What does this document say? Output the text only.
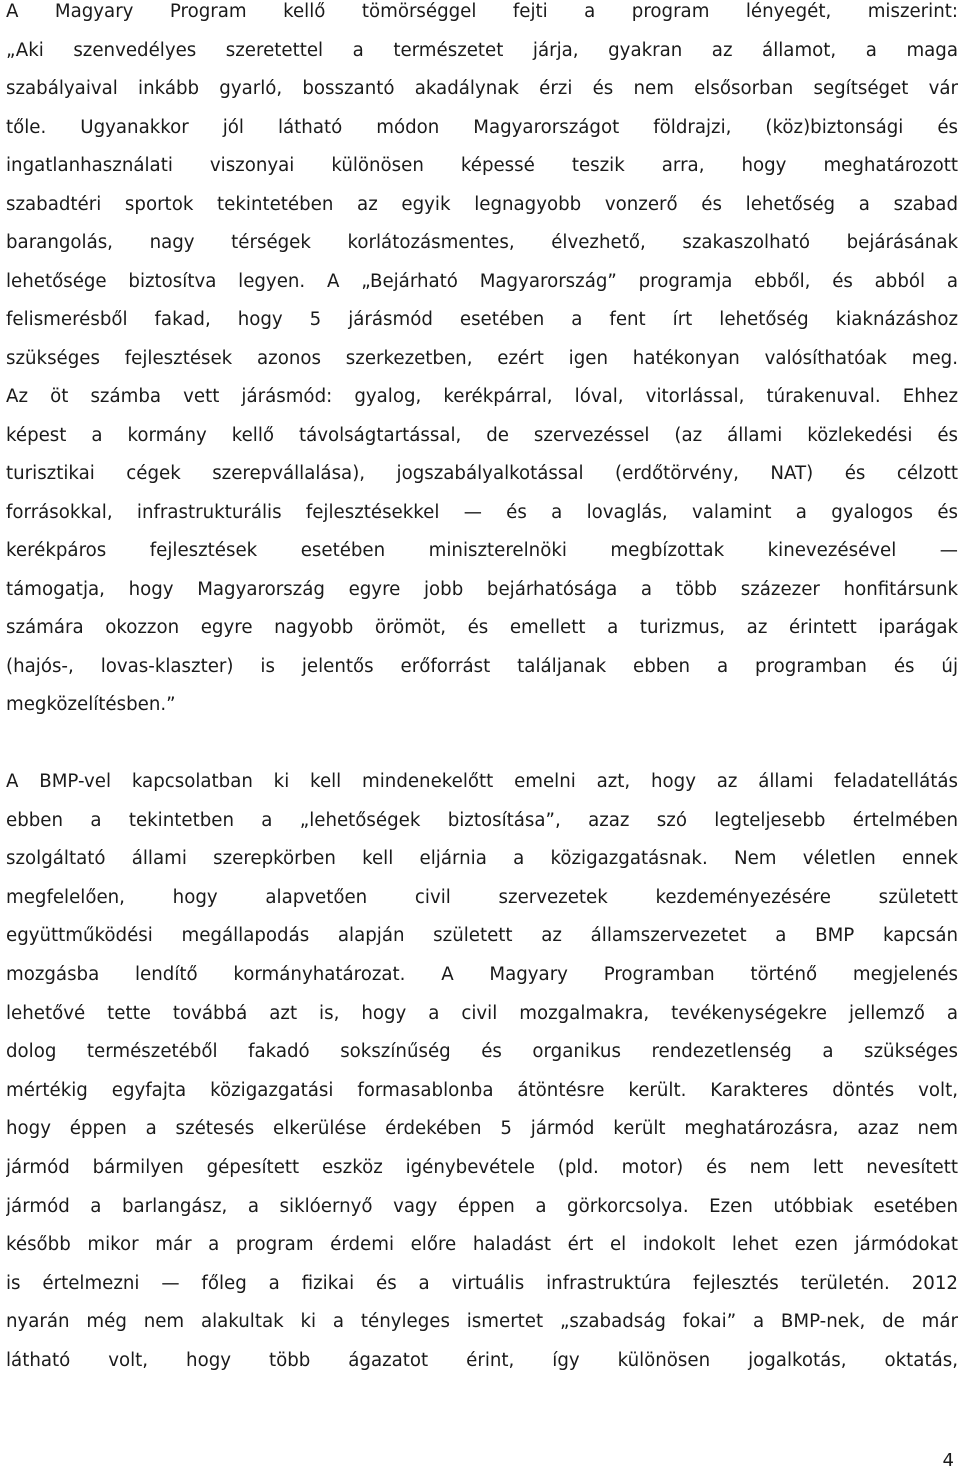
A Magyary Program kellő tömörséggel fejti a program lényegét, miszerint:
„Aki szenvedélyes szeretettel a természetet járja, gyakran az államot, a maga
szabályaival inkább gyarló, bosszantó akadálynak érzi és nem elsősorban segítséget vár
tőle. Ugyanakkor jól látható módon Magyarországot földrajzi, (köz)biztonsági és
ingatlanhasználati viszonyai különösen képessé teszik arra, hogy meghatározott
szabadtéri sportok tekintetében az egyik legnagyobb vonzerő és lehetőség a szabad
barangolás, nagy térségek korlátozásmentes, élvezhető, szakaszolható bejárásának
lehetősége biztosítva legyen. A „Bejárható Magyarország” programja ebből, és abból a
felismerésből fakad, hogy 5 járásmód esetében a fent írt lehetőség kiaknázáshoz
szükséges fejlesztések azonos szerkezetben, ezért igen hatékonyan valósíthatóak meg.
Az öt számba vett járásmód: gyalog, kerékpárral, lóval, vitorlással, túrakenuval. Ehhez
képest a kormány kellő távolságtartással, de szervezéssel (az állami közlekedési és
turisztikai cégek szerepvállalása), jogszabályalkotással (erdőtörvény, NAT) és célzott
forrásokkal, infrastrukturális fejlesztésekkel — és a lovaglás, valamint a gyalogos és
kerékpáros fejlesztések esetében miniszterelnöki megbízottak kinevezésével —
támogatja, hogy Magyarország egyre jobb bejárhatósága a több százezer honfitársunk
számára okozzon egyre nagyobb örömöt, és emellett a turizmus, az érintett iparágak
(hajós-, lovas-klaszter) is jelentős erőforrást találjanak ebben a programban és új
megközelítésben.”
A BMP-vel kapcsolatban ki kell mindenekelőtt emelni azt, hogy az állami feladatellátás
ebben a tekintetben a „lehetőségek biztosítása”, azaz szó legteljesebb értelmében
szolgáltató állami szerepkörben kell eljárnia a közigazgatásnak. Nem véletlen ennek
megfelelően, hogy alapvetően civil szervezetek kezdeményezésére született
együttműködési megállapodás alapján született az államszervezetet a BMP kapcsán
mozgásba lendítő kormányhatározat. A Magyary Programban történő megjelenés
lehetővé tette továbbá azt is, hogy a civil mozgalmakra, tevékenységekre jellemző a
dolog természetéből fakadó sokszínűség és organikus rendezetlenség a szükséges
mértékig egyfajta közigazgatási formasablonba átöntésre került. Karakteres döntés volt,
hogy éppen a szétesés elkerülése érdekében 5 jármód került meghatározásra, azaz nem
jármód bármilyen gépesített eszköz igénybevétele (pld. motor) és nem lett nevesített
jármód a barlangász, a siklóernyő vagy éppen a görkorcsolya. Ezen utóbbiak esetében
később mikor már a program érdemi előre haladást ért el indokolt lehet ezen jármódokat
is értelmezni — főleg a fizikai és a virtuális infrastruktúra fejlesztés területén. 2012
nyarán még nem alakultak ki a tényleges ismertet „szabadság fokai” a BMP-nek, de már
látható volt, hogy több ágazatot érint, így különösen jogalkotás, oktatás,
4
